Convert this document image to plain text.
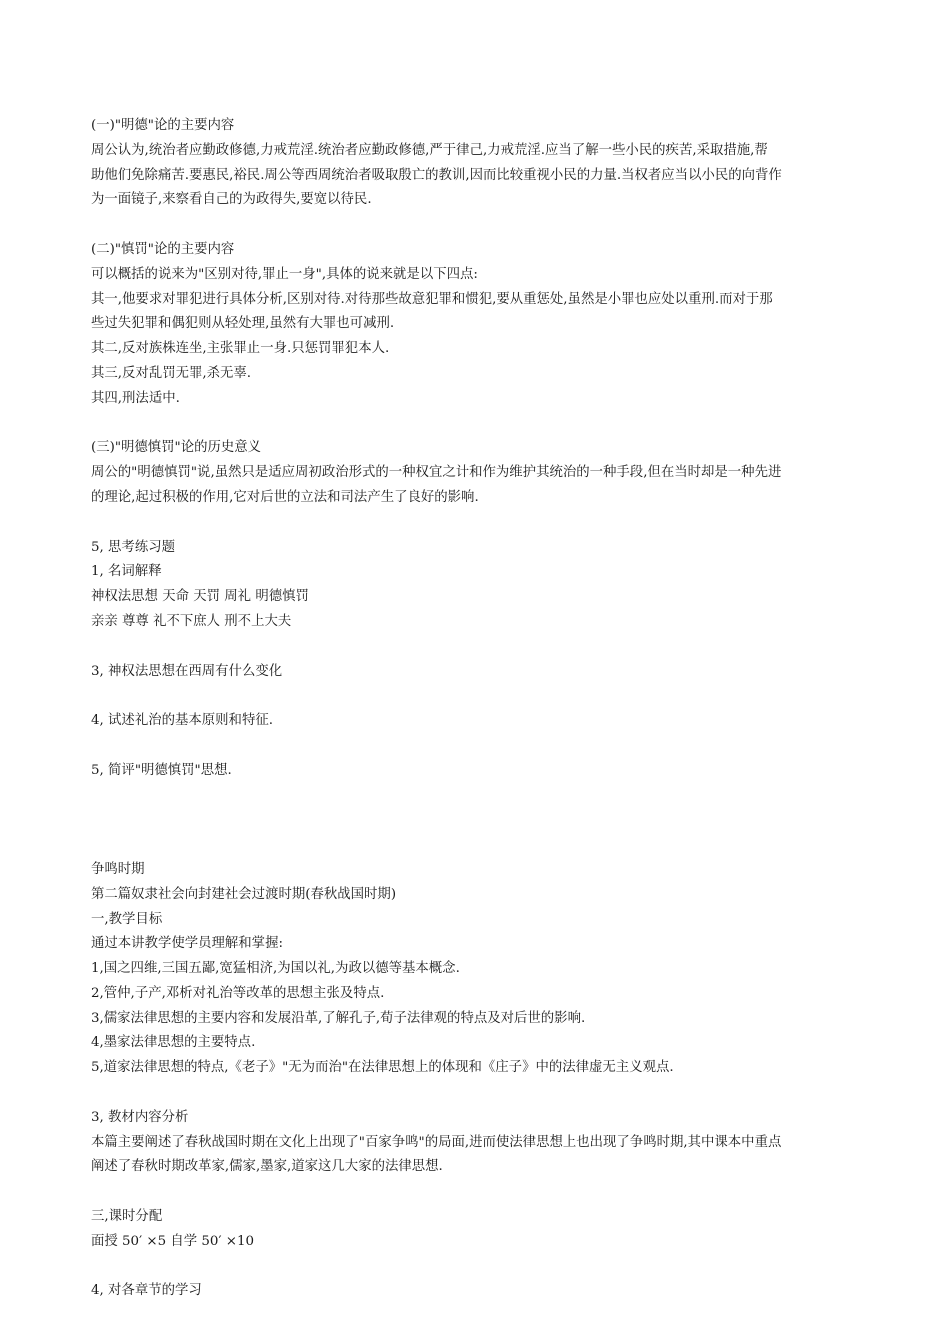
(一)"明德"论的主要内容
周公认为,统治者应勤政修德,力戒荒淫.统治者应勤政修德,严于律己,力戒荒淫.应当了解一些小民的疾苦,采取措施,帮
助他们免除痛苦.要惠民,裕民.周公等西周统治者吸取殷亡的教训,因而比较重视小民的力量.当权者应当以小民的向背作
为一面镜子,来察看自己的为政得失,要宽以待民.
(二)"慎罚"论的主要内容
可以概括的说来为"区别对待,罪止一身",具体的说来就是以下四点:
其一,他要求对罪犯进行具体分析,区别对待.对待那些故意犯罪和惯犯,要从重惩处,虽然是小罪也应处以重刑.而对于那
些过失犯罪和偶犯则从轻处理,虽然有大罪也可减刑.
其二,反对族株连坐,主张罪止一身.只惩罚罪犯本人.
其三,反对乱罚无罪,杀无辜.
其四,刑法适中.
(三)"明德慎罚"论的历史意义
周公的"明德慎罚"说,虽然只是适应周初政治形式的一种权宜之计和作为维护其统治的一种手段,但在当时却是一种先进
的理论,起过积极的作用,它对后世的立法和司法产生了良好的影响.
5, 思考练习题
1, 名词解释
神权法思想 天命 天罚 周礼 明德慎罚
亲亲 尊尊 礼不下庶人 刑不上大夫
3, 神权法思想在西周有什么变化
4, 试述礼治的基本原则和特征.
5, 简评"明德慎罚"思想.
争鸣时期
第二篇奴隶社会向封建社会过渡时期(春秋战国时期)
一,教学目标
通过本讲教学使学员理解和掌握:
1,国之四维,三国五鄙,宽猛相济,为国以礼,为政以德等基本概念.
2,管仲,子产,邓析对礼治等改革的思想主张及特点.
3,儒家法律思想的主要内容和发展沿革,了解孔子,荀子法律观的特点及对后世的影响.
4,墨家法律思想的主要特点.
5,道家法律思想的特点,《老子》"无为而治"在法律思想上的体现和《庄子》中的法律虚无主义观点.
3, 教材内容分析
本篇主要阐述了春秋战国时期在文化上出现了"百家争鸣"的局面,进而使法律思想上也出现了争鸣时期,其中课本中重点
阐述了春秋时期改革家,儒家,墨家,道家这几大家的法律思想.
三,课时分配
面授 50′ ×5 自学 50′ ×10
4, 对各章节的学习
